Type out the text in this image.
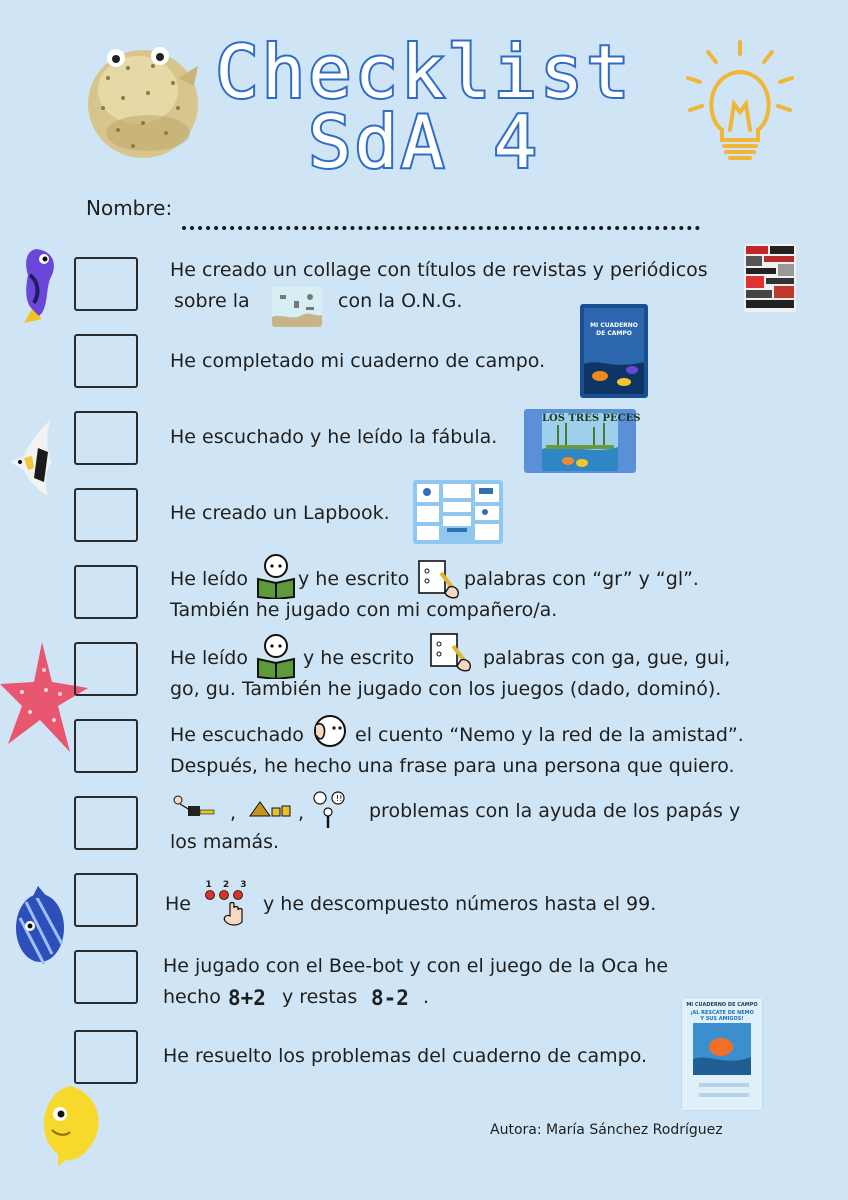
Checklist
SdA 4
Nombre:
He creado un collage con títulos de revistas y periódicos
sobre la	con la O.N.G.
He completado mi cuaderno de campo.
MI CUADERNO DE CAMPO
He escuchado y he leído la fábula.
LOS TRES PECES
He creado un Lapbook.
He leído	y he escrito	palabras con “gr” y “gl”.
También he jugado con mi compañero/a.
He leído	y he escrito	palabras con ga, gue, gui,
go, gu. También he jugado con los juegos (dado, dominó).
He escuchado	el cuento “Nemo y la red de la amistad”.
Después, he hecho una frase para una persona que quiero.
,	,
!!
problemas con la ayuda de los papás y
los mamás.
He
1 2 3
y he descompuesto números hasta el 99.
He jugado con el Bee-bot y con el juego de la Oca he
hecho 8+2 y restas 8-2 .
He resuelto los problemas del cuaderno de campo.
MI CUADERNO DE CAMPO
¡AL RESCATE DE NEMO Y SUS AMIGOS!
Autora: María Sánchez Rodríguez
